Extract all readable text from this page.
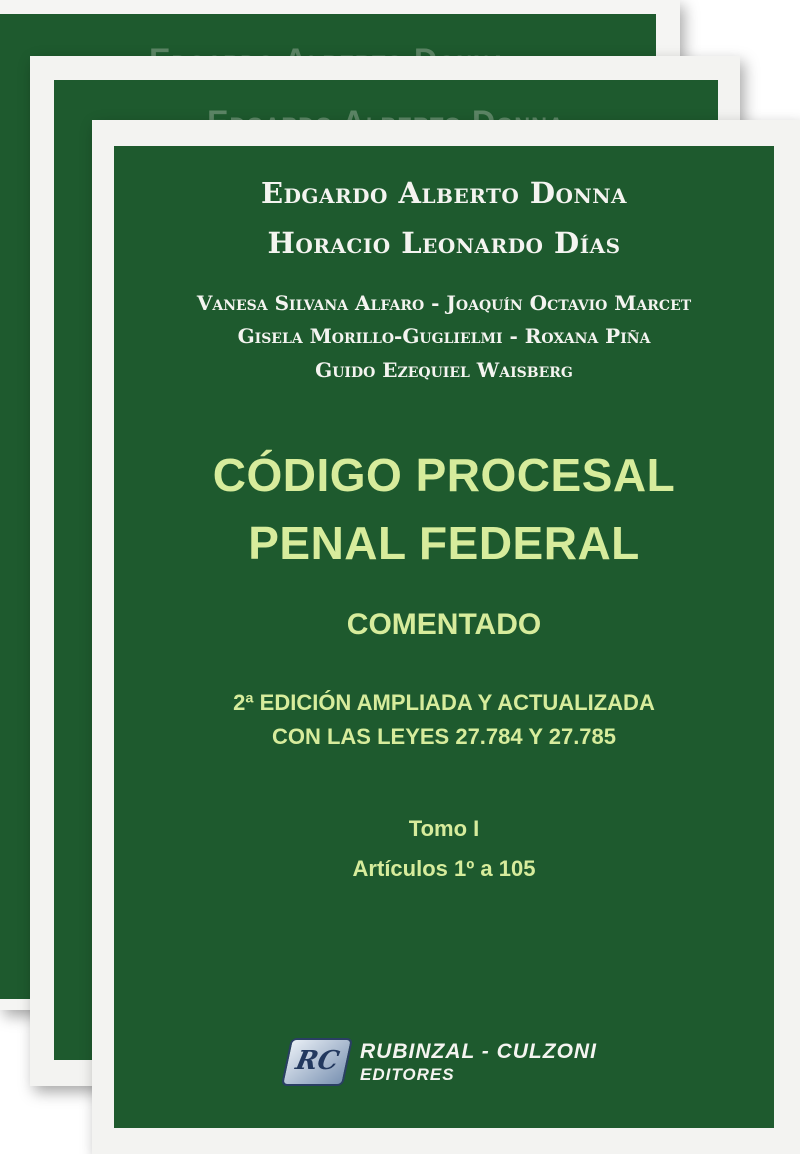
Edgardo Alberto Donna
Horacio Leonardo Días
Vanesa Silvana Alfaro - Joaquín Octavio Marcet
Gisela Morillo-Guglielmi - Roxana Piña
Guido Ezequiel Waisberg
CÓDIGO PROCESAL
PENAL FEDERAL
COMENTADO
2ª EDICIÓN AMPLIADA Y ACTUALIZADA
CON LAS LEYES 27.784 Y 27.785
Tomo I
Artículos 1º a 105
RC RUBINZAL - CULZONI
EDITORES
